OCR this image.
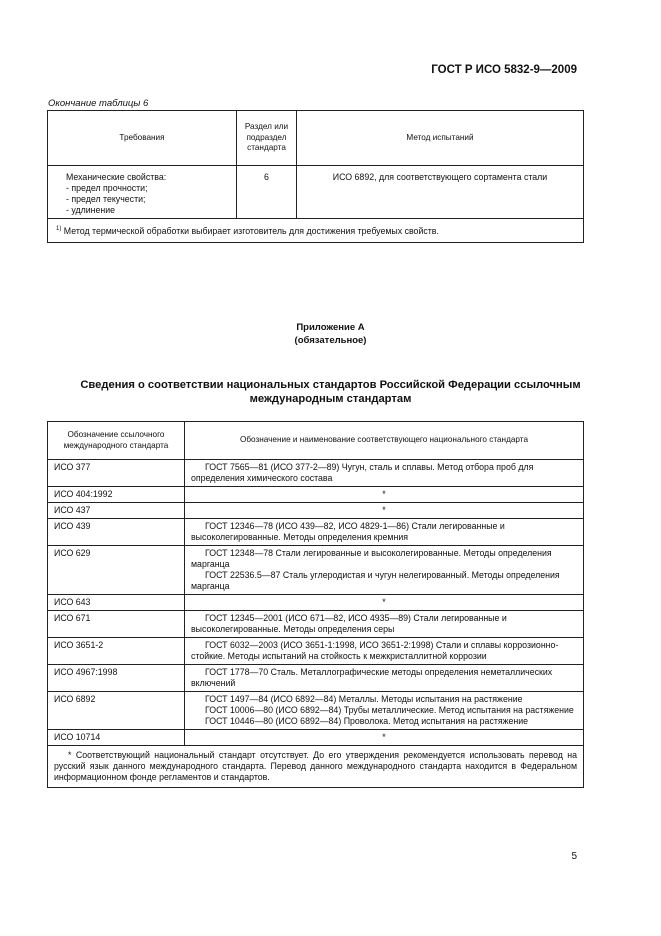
ГОСТ Р ИСО 5832-9—2009
Окончание таблицы 6
Требования	Раздел или подраздел стандарта	Метод испытаний

Механические свойства:
- предел прочности;
- предел текучести;
- удлинение	6	ИСО 6892, для соответствующего сортамента стали
$^{1)}$ Метод термической обработки выбирает изготовитель для достижения требуемых свойств.		
Приложение А
(обязательное)
Сведения о соответствии национальных стандартов Российской Федерации ссылочным международным стандартам
Обозначение ссылочного международного стандарта	Обозначение и наименование соответствующего национального стандарта
ИСО 377	ГОСТ 7565—81 (ИСО 377-2—89) Чугун, сталь и сплавы. Метод отбора проб для определения химического состава

ИСО 404:1992	*
ИСО 437	*
ИСО 439	ГОСТ 12346—78 (ИСО 439—82, ИСО 4829-1—86) Стали легированные и высоколегированные. Методы определения кремния

ИСО 629	ГОСТ 12348—78 Стали легированные и высоколегированные. Методы определения марганца
ГОСТ 22536.5—87 Сталь углеродистая и чугун нелегированный. Методы определения марганца

ИСО 643	*
ИСО 671	ГОСТ 12345—2001 (ИСО 671—82, ИСО 4935—89) Стали легированные и высоколегированные. Методы определения серы

ИСО 3651-2	ГОСТ 6032—2003 (ИСО 3651-1:1998, ИСО 3651-2:1998) Стали и сплавы коррозионно-стойкие. Методы испытаний на стойкость к межкристаллитной коррозии

ИСО 4967:1998	ГОСТ 1778—70 Сталь. Металлографические методы определения неметаллических включений

ИСО 6892	ГОСТ 1497—84 (ИСО 6892—84) Металлы. Методы испытания на растяжение
ГОСТ 10006—80 (ИСО 6892—84) Трубы металлические. Метод испытания на растяжение
ГОСТ 10446—80 (ИСО 6892—84) Проволока. Метод испытания на растяжение

ИСО 10714	*
* Соответствующий национальный стандарт отсутствует. До его утверждения рекомендуется использовать перевод на русский язык данного международного стандарта. Перевод данного международного стандарта находится в Федеральном информационном фонде регламентов и стандартов.	
5
